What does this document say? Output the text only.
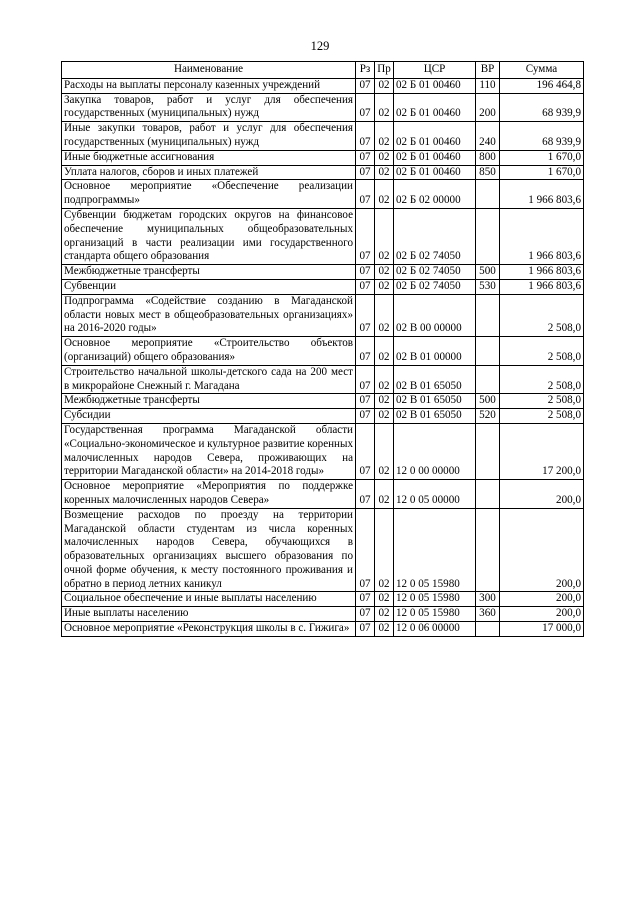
129
Наименование	Рз	Пр	ЦСР	ВР	Сумма
Расходы на выплаты персоналу казенных учреждений	07	02	02 Б 01 00460	110	196 464,8
Закупка товаров, работ и услуг для обеспечения государственных (муниципальных) нужд	07	02	02 Б 01 00460	200	68 939,9
Иные закупки товаров, работ и услуг для обеспечения государственных (муниципальных) нужд	07	02	02 Б 01 00460	240	68 939,9
Иные бюджетные ассигнования	07	02	02 Б 01 00460	800	1 670,0
Уплата налогов, сборов и иных платежей	07	02	02 Б 01 00460	850	1 670,0
Основное мероприятие «Обеспечение реализации подпрограммы»	07	02	02 Б 02 00000		1 966 803,6
Субвенции бюджетам городских округов на финансовое обеспечение муниципальных общеобразовательных организаций в части реализации ими государственного стандарта общего образования	07	02	02 Б 02 74050		1 966 803,6
Межбюджетные трансферты	07	02	02 Б 02 74050	500	1 966 803,6
Субвенции	07	02	02 Б 02 74050	530	1 966 803,6
Подпрограмма «Содействие созданию в Магаданской области новых мест в общеобразовательных организациях» на 2016-2020 годы»	07	02	02 В 00 00000		2 508,0
Основное мероприятие «Строительство объектов (организаций) общего образования»	07	02	02 В 01 00000		2 508,0
Строительство начальной школы-детского сада на 200 мест в микрорайоне Снежный г. Магадана	07	02	02 В 01 65050		2 508,0
Межбюджетные трансферты	07	02	02 В 01 65050	500	2 508,0
Субсидии	07	02	02 В 01 65050	520	2 508,0
Государственная программа Магаданской области «Социально-экономическое и культурное развитие коренных малочисленных народов Севера, проживающих на территории Магаданской области» на 2014-2018 годы»	07	02	12 0 00 00000		17 200,0
Основное мероприятие «Мероприятия по поддержке коренных малочисленных народов Севера»	07	02	12 0 05 00000		200,0
Возмещение расходов по проезду на территории Магаданской области студентам из числа коренных малочисленных народов Севера, обучающихся в образовательных организациях высшего образования по очной форме обучения, к месту постоянного проживания и обратно в период летних каникул	07	02	12 0 05 15980		200,0
Социальное обеспечение и иные выплаты населению	07	02	12 0 05 15980	300	200,0
Иные выплаты населению	07	02	12 0 05 15980	360	200,0
Основное мероприятие «Реконструкция школы в с. Гижига»	07	02	12 0 06 00000		17 000,0
